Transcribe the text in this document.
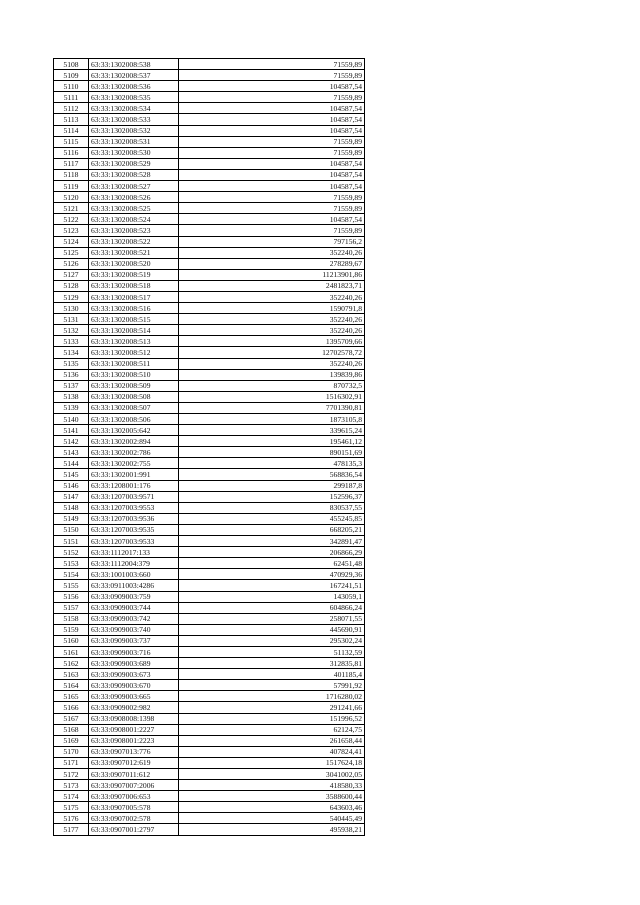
5108	63:33:1302008:538	71559,89
5109	63:33:1302008:537	71559,89
5110	63:33:1302008:536	104587,54
5111	63:33:1302008:535	71559,89
5112	63:33:1302008:534	104587,54
5113	63:33:1302008:533	104587,54
5114	63:33:1302008:532	104587,54
5115	63:33:1302008:531	71559,89
5116	63:33:1302008:530	71559,89
5117	63:33:1302008:529	104587,54
5118	63:33:1302008:528	104587,54
5119	63:33:1302008:527	104587,54
5120	63:33:1302008:526	71559,89
5121	63:33:1302008:525	71559,89
5122	63:33:1302008:524	104587,54
5123	63:33:1302008:523	71559,89
5124	63:33:1302008:522	797156,2
5125	63:33:1302008:521	352240,26
5126	63:33:1302008:520	278289,67
5127	63:33:1302008:519	11213901,86
5128	63:33:1302008:518	2481823,71
5129	63:33:1302008:517	352240,26
5130	63:33:1302008:516	1590791,8
5131	63:33:1302008:515	352240,26
5132	63:33:1302008:514	352240,26
5133	63:33:1302008:513	1395709,66
5134	63:33:1302008:512	12702578,72
5135	63:33:1302008:511	352240,26
5136	63:33:1302008:510	139839,86
5137	63:33:1302008:509	870732,5
5138	63:33:1302008:508	1516302,91
5139	63:33:1302008:507	7701390,81
5140	63:33:1302008:506	1873105,8
5141	63:33:1302005:642	339615,24
5142	63:33:1302002:894	195461,12
5143	63:33:1302002:786	890151,69
5144	63:33:1302002:755	478135,3
5145	63:33:1302001:991	568836,54
5146	63:33:1208001:176	299187,8
5147	63:33:1207003:9571	152596,37
5148	63:33:1207003:9553	830537,55
5149	63:33:1207003:9536	455245,85
5150	63:33:1207003:9535	668205,21
5151	63:33:1207003:9533	342891,47
5152	63:33:1112017:133	206866,29
5153	63:33:1112004:379	62451,48
5154	63:33:1001003:660	470929,36
5155	63:33:0911003:4286	167241,51
5156	63:33:0909003:759	143059,1
5157	63:33:0909003:744	604866,24
5158	63:33:0909003:742	258071,55
5159	63:33:0909003:740	445690,91
5160	63:33:0909003:737	295302,24
5161	63:33:0909003:716	51132,59
5162	63:33:0909003:689	312835,81
5163	63:33:0909003:673	401185,4
5164	63:33:0909003:670	57991,92
5165	63:33:0909003:665	1716280,02
5166	63:33:0909002:982	291241,66
5167	63:33:0908008:1398	151996,52
5168	63:33:0908001:2227	62124,75
5169	63:33:0908001:2223	261658,44
5170	63:33:0907013:776	407824,41
5171	63:33:0907012:619	1517624,18
5172	63:33:0907011:612	3041002,05
5173	63:33:0907007:2006	418580,33
5174	63:33:0907006:653	3588600,44
5175	63:33:0907005:578	643603,46
5176	63:33:0907002:578	540445,49
5177	63:33:0907001:2797	495938,21
